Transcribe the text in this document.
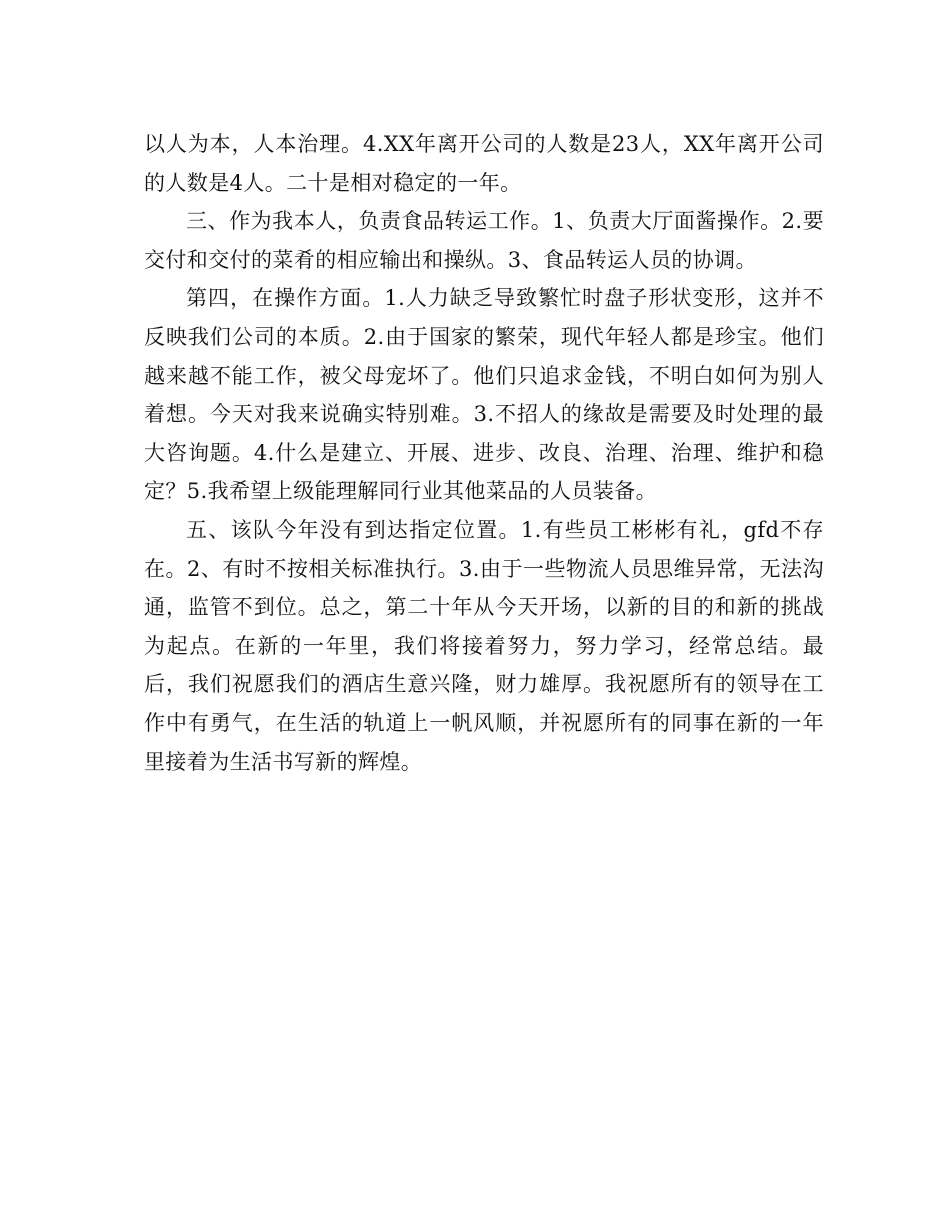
以人为本，人本治理。4.XX年离开公司的人数是23人，XX年离开公司的人数是4人。二十是相对稳定的一年。

三、作为我本人，负责食品转运工作。1、负责大厅面酱操作。2.要交付和交付的菜肴的相应输出和操纵。3、食品转运人员的协调。

第四，在操作方面。1.人力缺乏导致繁忙时盘子形状变形，这并不反映我们公司的本质。2.由于国家的繁荣，现代年轻人都是珍宝。他们越来越不能工作，被父母宠坏了。他们只追求金钱，不明白如何为别人着想。今天对我来说确实特别难。3.不招人的缘故是需要及时处理的最大咨询题。4.什么是建立、开展、进步、改良、治理、治理、维护和稳定？5.我希望上级能理解同行业其他菜品的人员装备。

五、该队今年没有到达指定位置。1.有些员工彬彬有礼，gfd不存在。2、有时不按相关标准执行。3.由于一些物流人员思维异常，无法沟通，监管不到位。总之，第二十年从今天开场，以新的目的和新的挑战为起点。在新的一年里，我们将接着努力，努力学习，经常总结。最后，我们祝愿我们的酒店生意兴隆，财力雄厚。我祝愿所有的领导在工作中有勇气，在生活的轨道上一帆风顺，并祝愿所有的同事在新的一年里接着为生活书写新的辉煌。
